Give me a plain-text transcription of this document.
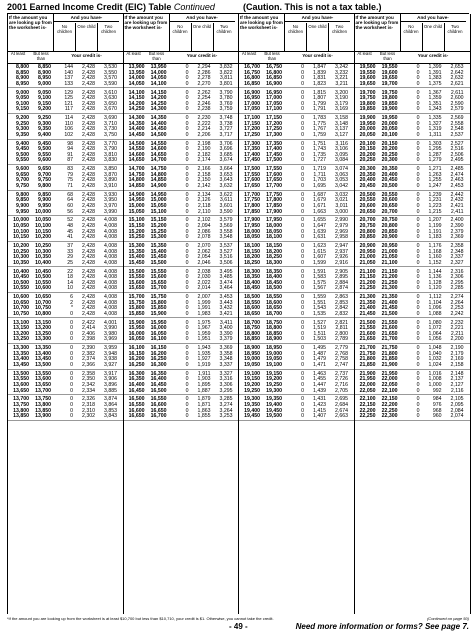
2001 Earned Income Credit (EIC) Table Continued	(Caution. This is not a tax table.)
If the amount you are looking up from the worksheet is-
And you have-
No children
One child	Two children
At least	But less than
Your credit is-
8,800	8,850	144	2,428	3,530
8,850	8,900	140	2,428	3,550
8,900	8,950	137	2,428	3,570
8,950	9,000	133	2,428	3,590
9,000	9,050	129	2,428	3,610
9,050	9,100	125	2,428	3,630
9,100	9,150	121	2,428	3,650
9,150	9,200	117	2,428	3,670
9,200	9,250	114	2,428	3,690
9,250	9,300	110	2,428	3,710
9,300	9,350	106	2,428	3,730
9,350	9,400	102	2,428	3,750
9,400	9,450	98	2,428	3,770
9,450	9,500	94	2,428	3,790
9,500	9,550	91	2,428	3,810
9,550	9,600	87	2,428	3,830
9,600	9,650	83	2,428	3,850
9,650	9,700	79	2,428	3,870
9,700	9,750	75	2,428	3,890
9,750	9,800	71	2,428	3,910
9,800	9,850	68	2,428	3,930
9,850	9,900	64	2,428	3,950
9,900	9,950	60	2,428	3,970
9,950	10,000	56	2,428	3,990
10,000	10,050	52	2,428	4,008
10,050	10,100	48	2,428	4,008
10,100	10,150	45	2,428	4,008
10,150	10,200	41	2,428	4,008
10,200	10,250	37	2,428	4,008
10,250	10,300	33	2,428	4,008
10,300	10,350	29	2,428	4,008
10,350	10,400	25	2,428	4,008
10,400	10,450	22	2,428	4,008
10,450	10,500	18	2,428	4,008
10,500	10,550	14	2,428	4,008
10,550	10,600	10	2,428	4,008
10,600	10,650	6	2,428	4,008
10,650	10,700	2	2,428	4,008
10,700	10,750	*	2,428	4,008
10,750	10,800	0	2,428	4,008
13,100	13,150	0	2,422	4,001
13,150	13,200	0	2,414	3,990
13,200	13,250	0	2,406	3,980
13,250	13,300	0	2,398	3,969
13,300	13,350	0	2,390	3,959
13,350	13,400	0	2,382	3,948
13,400	13,450	0	2,374	3,938
13,450	13,500	0	2,366	3,927
13,500	13,550	0	2,358	3,917
13,550	13,600	0	2,350	3,906
13,600	13,650	0	2,342	3,896
13,650	13,700	0	2,334	3,885
13,700	13,750	0	2,326	3,874
13,750	13,800	0	2,318	3,864
13,800	13,850	0	2,310	3,853
13,850	13,900	0	2,302	3,843
If the amount you are looking up from the worksheet is-
And you have-
No children
One child	Two children
At least	But less than
Your credit is-
13,900	13,950	0	2,294	3,832
13,950	14,000	0	2,286	3,822
14,000	14,050	0	2,278	3,811
14,050	14,100	0	2,270	3,801
14,100	14,150	0	2,262	3,790
14,150	14,200	0	2,254	3,780
14,200	14,250	0	2,246	3,769
14,250	14,300	0	2,238	3,759
14,300	14,350	0	2,230	3,748
14,350	14,400	0	2,222	3,738
14,400	14,450	0	2,214	3,727
14,450	14,500	0	2,206	3,717
14,500	14,550	0	2,198	3,706
14,550	14,600	0	2,190	3,696
14,600	14,650	0	2,182	3,685
14,650	14,700	0	2,174	3,674
14,700	14,750	0	2,166	3,664
14,750	14,800	0	2,158	3,653
14,800	14,850	0	2,150	3,643
14,850	14,900	0	2,142	3,632
14,900	14,950	0	2,134	3,622
14,950	15,000	0	2,126	3,611
15,000	15,050	0	2,118	3,601
15,050	15,100	0	2,110	3,590
15,100	15,150	0	2,102	3,579
15,150	15,200	0	2,094	3,569
15,200	15,250	0	2,086	3,558
15,250	15,300	0	2,078	3,548
15,300	15,350	0	2,070	3,537
15,350	15,400	0	2,062	3,527
15,400	15,450	0	2,054	3,516
15,450	15,500	0	2,046	3,506
15,500	15,550	0	2,038	3,495
15,550	15,600	0	2,030	3,485
15,600	15,650	0	2,022	3,474
15,650	15,700	0	2,014	3,464
15,700	15,750	0	2,007	3,453
15,750	15,800	0	1,999	3,443
15,800	15,850	0	1,991	3,432
15,850	15,900	0	1,983	3,421
15,900	15,950	0	1,975	3,411
15,950	16,000	0	1,967	3,400
16,000	16,050	0	1,959	3,390
16,050	16,100	0	1,951	3,379
16,100	16,150	0	1,943	3,369
16,150	16,200	0	1,935	3,358
16,200	16,250	0	1,927	3,348
16,250	16,300	0	1,919	3,337
16,300	16,350	0	1,911	3,327
16,350	16,400	0	1,903	3,316
16,400	16,450	0	1,895	3,306
16,450	16,500	0	1,887	3,295
16,500	16,550	0	1,879	3,285
16,550	16,600	0	1,871	3,274
16,600	16,650	0	1,863	3,264
16,650	16,700	0	1,855	3,253
If the amount you are looking up from the worksheet is-
And you have-
No children
One child	Two children
At least	But less than
Your credit is-
16,700	16,750	0	1,847	3,242
16,750	16,800	0	1,839	3,232
16,800	16,850	0	1,831	3,221
16,850	16,900	0	1,823	3,211
16,900	16,950	0	1,815	3,200
16,950	17,000	0	1,807	3,190
17,000	17,050	0	1,799	3,179
17,050	17,100	0	1,791	3,169
17,100	17,150	0	1,783	3,158
17,150	17,200	0	1,775	3,148
17,200	17,250	0	1,767	3,137
17,250	17,300	0	1,759	3,127
17,300	17,350	0	1,751	3,116
17,350	17,400	0	1,743	3,106
17,400	17,450	0	1,735	3,095
17,450	17,500	0	1,727	3,084
17,500	17,550	0	1,719	3,074
17,550	17,600	0	1,711	3,063
17,600	17,650	0	1,703	3,053
17,650	17,700	0	1,695	3,042
17,700	17,750	0	1,687	3,032
17,750	17,800	0	1,679	3,021
17,800	17,850	0	1,671	3,011
17,850	17,900	0	1,663	3,000
17,900	17,950	0	1,655	2,990
17,950	18,000	0	1,647	2,979
18,000	18,050	0	1,639	2,969
18,050	18,100	0	1,631	2,958
18,100	18,150	0	1,623	2,947
18,150	18,200	0	1,615	2,937
18,200	18,250	0	1,607	2,926
18,250	18,300	0	1,599	2,916
18,300	18,350	0	1,591	2,905
18,350	18,400	0	1,583	2,895
18,400	18,450	0	1,575	2,884
18,450	18,500	0	1,567	2,874
18,500	18,550	0	1,559	2,863
18,550	18,600	0	1,551	2,853
18,600	18,650	0	1,543	2,842
18,650	18,700	0	1,535	2,832
18,700	18,750	0	1,527	2,821
18,750	18,800	0	1,519	2,811
18,800	18,850	0	1,511	2,800
18,850	18,900	0	1,503	2,789
18,900	18,950	0	1,495	2,779
18,950	19,000	0	1,487	2,768
19,000	19,050	0	1,479	2,758
19,050	19,100	0	1,471	2,747
19,100	19,150	0	1,463	2,737
19,150	19,200	0	1,455	2,726
19,200	19,250	0	1,447	2,716
19,250	19,300	0	1,439	2,705
19,300	19,350	0	1,431	2,695
19,350	19,400	0	1,423	2,684
19,400	19,450	0	1,415	2,674
19,450	19,500	0	1,407	2,663
If the amount you are looking up from the worksheet is-
And you have-
No children
One child	Two children
At least	But less than
Your credit is-
19,500	19,550	0	1,399	2,653
19,550	19,600	0	1,391	2,642
19,600	19,650	0	1,383	2,632
19,650	19,700	0	1,375	2,621
19,700	19,750	0	1,367	2,611
19,750	19,800	0	1,359	2,600
19,800	19,850	0	1,351	2,590
19,850	19,900	0	1,343	2,579
19,900	19,950	0	1,335	2,569
19,950	20,000	0	1,327	2,558
20,000	20,050	0	1,319	2,548
20,050	20,100	0	1,311	2,537
20,100	20,150	0	1,303	2,527
20,150	20,200	0	1,295	2,516
20,200	20,250	0	1,287	2,506
20,250	20,300	0	1,279	2,495
20,300	20,350	0	1,271	2,485
20,350	20,400	0	1,263	2,474
20,400	20,450	0	1,255	2,463
20,450	20,500	0	1,247	2,453
20,500	20,550	0	1,239	2,442
20,550	20,600	0	1,231	2,432
20,600	20,650	0	1,223	2,421
20,650	20,700	0	1,215	2,411
20,700	20,750	0	1,207	2,400
20,750	20,800	0	1,199	2,390
20,800	20,850	0	1,191	2,379
20,850	20,900	0	1,183	2,369
20,900	20,950	0	1,176	2,358
20,950	21,000	0	1,168	2,348
21,000	21,050	0	1,160	2,337
21,050	21,100	0	1,152	2,327
21,100	21,150	0	1,144	2,316
21,150	21,200	0	1,136	2,306
21,200	21,250	0	1,128	2,295
21,250	21,300	0	1,120	2,285
21,300	21,350	0	1,112	2,274
21,350	21,400	0	1,104	2,264
21,400	21,450	0	1,096	2,253
21,450	21,500	0	1,088	2,242
21,500	21,550	0	1,080	2,232
21,550	21,600	0	1,072	2,221
21,600	21,650	0	1,064	2,211
21,650	21,700	0	1,056	2,200
21,700	21,750	0	1,048	2,190
21,750	21,800	0	1,040	2,179
21,800	21,850	0	1,032	2,169
21,850	21,900	0	1,024	2,158
21,900	21,950	0	1,016	2,148
21,950	22,000	0	1,008	2,137
22,000	22,050	0	1,000	2,127
22,050	22,100	0	992	2,116
22,100	22,150	0	984	2,105
22,150	22,200	0	976	2,095
22,200	22,250	0	968	2,084
22,250	22,300	0	960	2,074
*If the amount you are looking up from the worksheet is at least $10,700 but less than $10,710, your credit is $1. Otherwise, you cannot take the credit.	(Continued on page 50)
- 49 -	Need more information or forms? See page 7.
